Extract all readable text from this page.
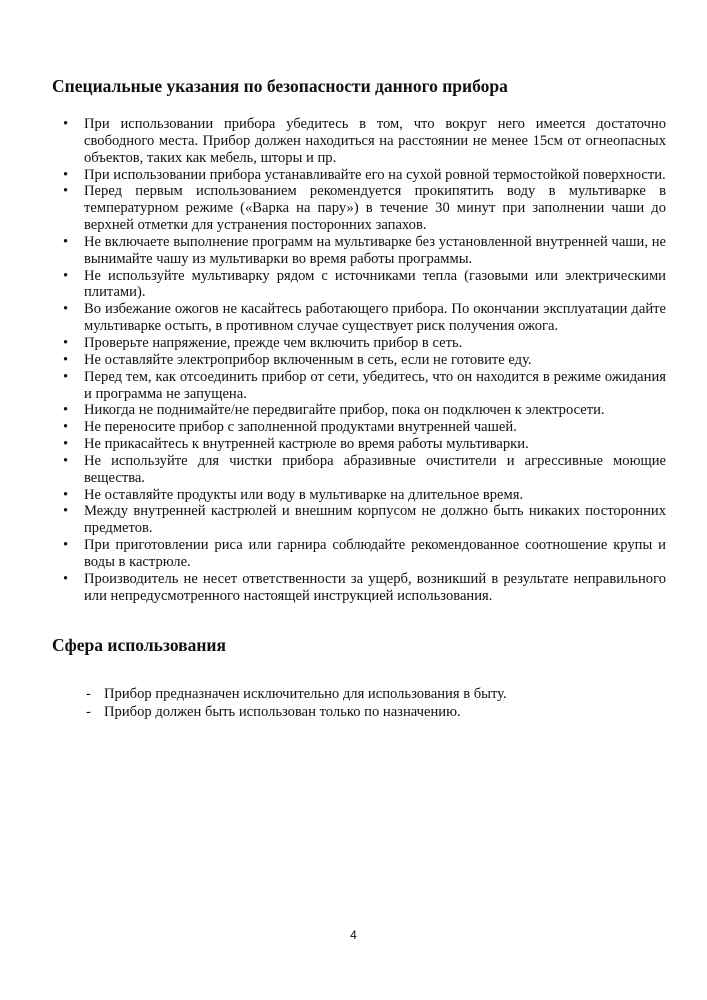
Специальные указания по безопасности данного прибора
• При использовании прибора убедитесь в том, что вокруг него имеется достаточно свободного места. Прибор должен находиться на расстоянии не менее 15см от огнеопасных объектов, таких как мебель, шторы и пр.
• При использовании прибора устанавливайте его на сухой ровной термостойкой поверхности.
• Перед первым использованием рекомендуется прокипятить воду в мультиварке в температурном режиме («Варка на пару») в течение 30 минут при заполнении чаши до верхней отметки для устранения посторонних запахов.
• Не включаете выполнение программ на мультиварке без установленной внутренней чаши, не вынимайте чашу из мультиварки во время работы программы.
• Не используйте мультиварку рядом с источниками тепла (газовыми или электрическими плитами).
• Во избежание ожогов не касайтесь работающего прибора. По окончании эксплуатации дайте мультиварке остыть, в противном случае существует риск получения ожога.
• Проверьте напряжение, прежде чем включить прибор в сеть.
• Не оставляйте электроприбор включенным в сеть, если не готовите еду.
• Перед тем, как отсоединить прибор от сети, убедитесь, что он находится в режиме ожидания и программа не запущена.
• Никогда не поднимайте/не передвигайте прибор, пока он подключен к электросети.
• Не переносите прибор с заполненной продуктами внутренней чашей.
• Не прикасайтесь к внутренней кастрюле во время работы мультиварки.
• Не используйте для чистки прибора абразивные очистители и агрессивные моющие вещества.
• Не оставляйте продукты или воду в мультиварке на длительное время.
• Между внутренней кастрюлей и внешним корпусом не должно быть никаких посторонних предметов.
• При приготовлении риса или гарнира соблюдайте рекомендованное соотношение крупы и воды в кастрюле.
• Производитель не несет ответственности за ущерб, возникший в результате неправильного или непредусмотренного настоящей инструкцией использования.
Сфера использования
- Прибор предназначен исключительно для использования в быту.
- Прибор должен быть использован только по назначению.
4
